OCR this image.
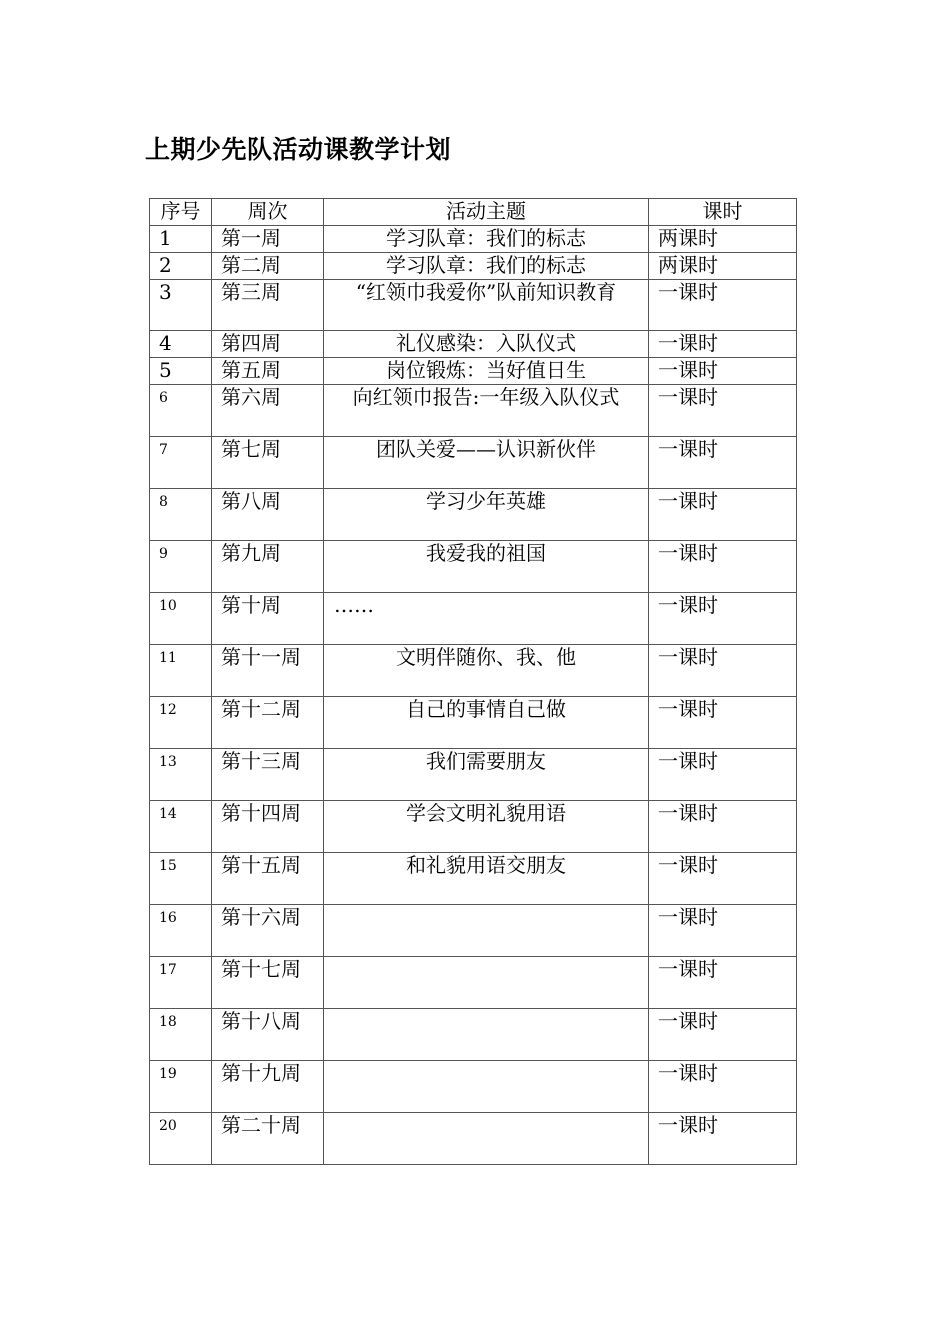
上期少先队活动课教学计划
序号	周次	活动主题	课时
1	第一周	学习队章：我们的标志	两课时
2	第二周	学习队章：我们的标志	两课时
3	第三周	“红领巾我爱你”队前知识教育	一课时
4	第四周	礼仪感染：入队仪式	一课时
5	第五周	岗位锻炼：当好值日生	一课时
6	第六周	向红领巾报告:一年级入队仪式	一课时
7	第七周	团队关爱——认识新伙伴	一课时
8	第八周	学习少年英雄	一课时
9	第九周	我爱我的祖国	一课时
10	第十周	……	一课时
11	第十一周	文明伴随你、我、他	一课时
12	第十二周	自己的事情自己做	一课时
13	第十三周	我们需要朋友	一课时
14	第十四周	学会文明礼貌用语	一课时
15	第十五周	和礼貌用语交朋友	一课时
16	第十六周		一课时
17	第十七周		一课时
18	第十八周		一课时
19	第十九周		一课时
20	第二十周		一课时
